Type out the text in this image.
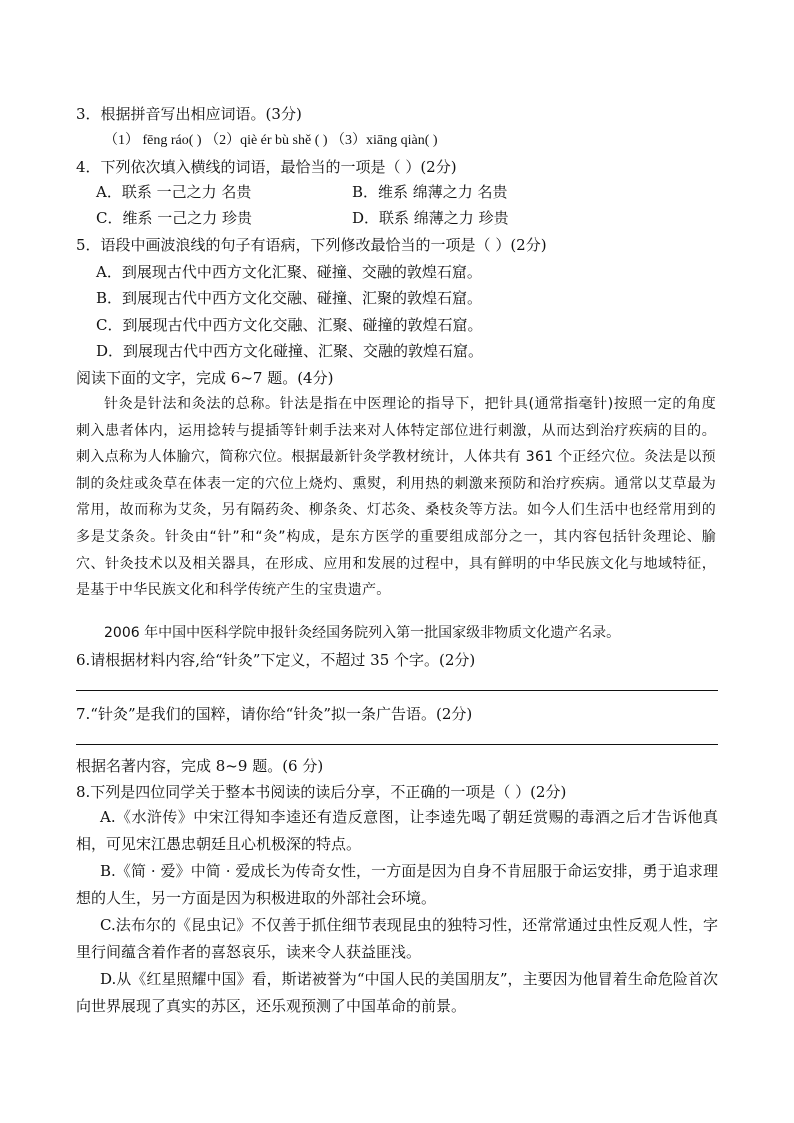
3．根据拼音写出相应词语。(3分)
（1） fēng ráo( ) （2）qiè ér bù shě ( ) （3）xiāng qiàn( )
4．下列依次填入横线的词语，最恰当的一项是（ ）(2分)
A．联系 一己之力 名贵	B．维系 绵薄之力 名贵
C．维系 一己之力 珍贵	D．联系 绵薄之力 珍贵
5．语段中画波浪线的句子有语病，下列修改最恰当的一项是（ ）(2分)
A．到展现古代中西方文化汇聚、碰撞、交融的敦煌石窟。
B．到展现古代中西方文化交融、碰撞、汇聚的敦煌石窟。
C．到展现古代中西方文化交融、汇聚、碰撞的敦煌石窟。
D．到展现古代中西方文化碰撞、汇聚、交融的敦煌石窟。
阅读下面的文字，完成 6~7 题。(4分)
针灸是针法和灸法的总称。针法是指在中医理论的指导下，把针具(通常指毫针)按照一定的角度刺入患者体内，运用捻转与提插等针刺手法来对人体特定部位进行刺激，从而达到治疗疾病的目的。刺入点称为人体腧穴，简称穴位。根据最新针灸学教材统计，人体共有 361 个正经穴位。灸法是以预制的灸炷或灸草在体表一定的穴位上烧灼、熏熨，利用热的刺激来预防和治疗疾病。通常以艾草最为常用，故而称为艾灸，另有隔药灸、柳条灸、灯芯灸、桑枝灸等方法。如今人们生活中也经常用到的多是艾条灸。针灸由“针”和“灸”构成，是东方医学的重要组成部分之一，其内容包括针灸理论、腧穴、针灸技术以及相关器具，在形成、应用和发展的过程中，具有鲜明的中华民族文化与地域特征，是基于中华民族文化和科学传统产生的宝贵遗产。
2006 年中国中医科学院申报针灸经国务院列入第一批国家级非物质文化遗产名录。
6.请根据材料内容,给“针灸”下定义，不超过 35 个字。(2分)
7.“针灸”是我们的国粹，请你给“针灸”拟一条广告语。(2分)
根据名著内容，完成 8~9 题。(6 分)
8.下列是四位同学关于整本书阅读的读后分享，不正确的一项是（ ）(2分)
A.《水浒传》中宋江得知李逵还有造反意图，让李逵先喝了朝廷赏赐的毒酒之后才告诉他真相，可见宋江愚忠朝廷且心机极深的特点。
B.《简 · 爱》中简 · 爱成长为传奇女性，一方面是因为自身不肯屈服于命运安排，勇于追求理想的人生，另一方面是因为积极进取的外部社会环境。
C.法布尔的《昆虫记》不仅善于抓住细节表现昆虫的独特习性，还常常通过虫性反观人性，字里行间蕴含着作者的喜怒哀乐，读来令人获益匪浅。
D.从《红星照耀中国》看，斯诺被誉为“中国人民的美国朋友”，主要因为他冒着生命危险首次向世界展现了真实的苏区，还乐观预测了中国革命的前景。
